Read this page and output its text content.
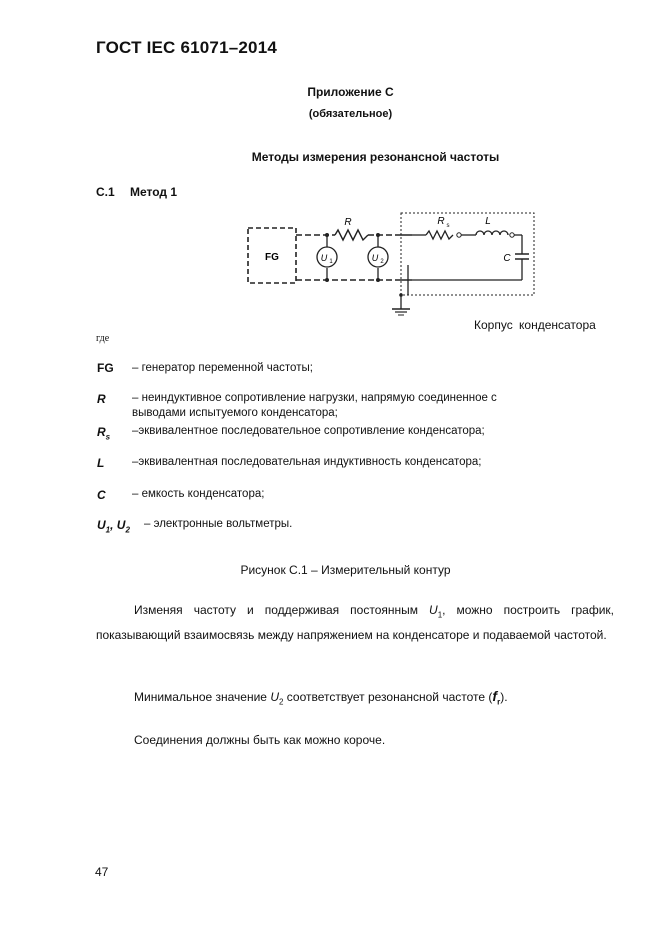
ГОСТ IEC 61071–2014
Приложение С
(обязательное)
Методы измерения резонансной частоты
С.1 Метод 1
FG
R
U 1	U 2
R s	L
C
Корпус конденсатора
где
FG – генератор переменной частоты;
R – неиндуктивное сопротивление нагрузки, напрямую соединенное с выводами испытуемого конденсатора;
$R_s$ –эквивалентное последовательное сопротивление конденсатора;
L –эквивалентная последовательная индуктивность конденсатора;
C – емкость конденсатора;
$U_1$, $U_2$ – электронные вольтметры.
Рисунок С.1 – Измерительный контур
Изменяя частоту и поддерживая постоянным $U_1$, можно построить график, показывающий взаимосвязь между напряжением на конденсаторе и подаваемой частотой.
Минимальное значение $U_2$ соответствует резонансной частоте $(f_r)$.
Соединения должны быть как можно короче.
47
